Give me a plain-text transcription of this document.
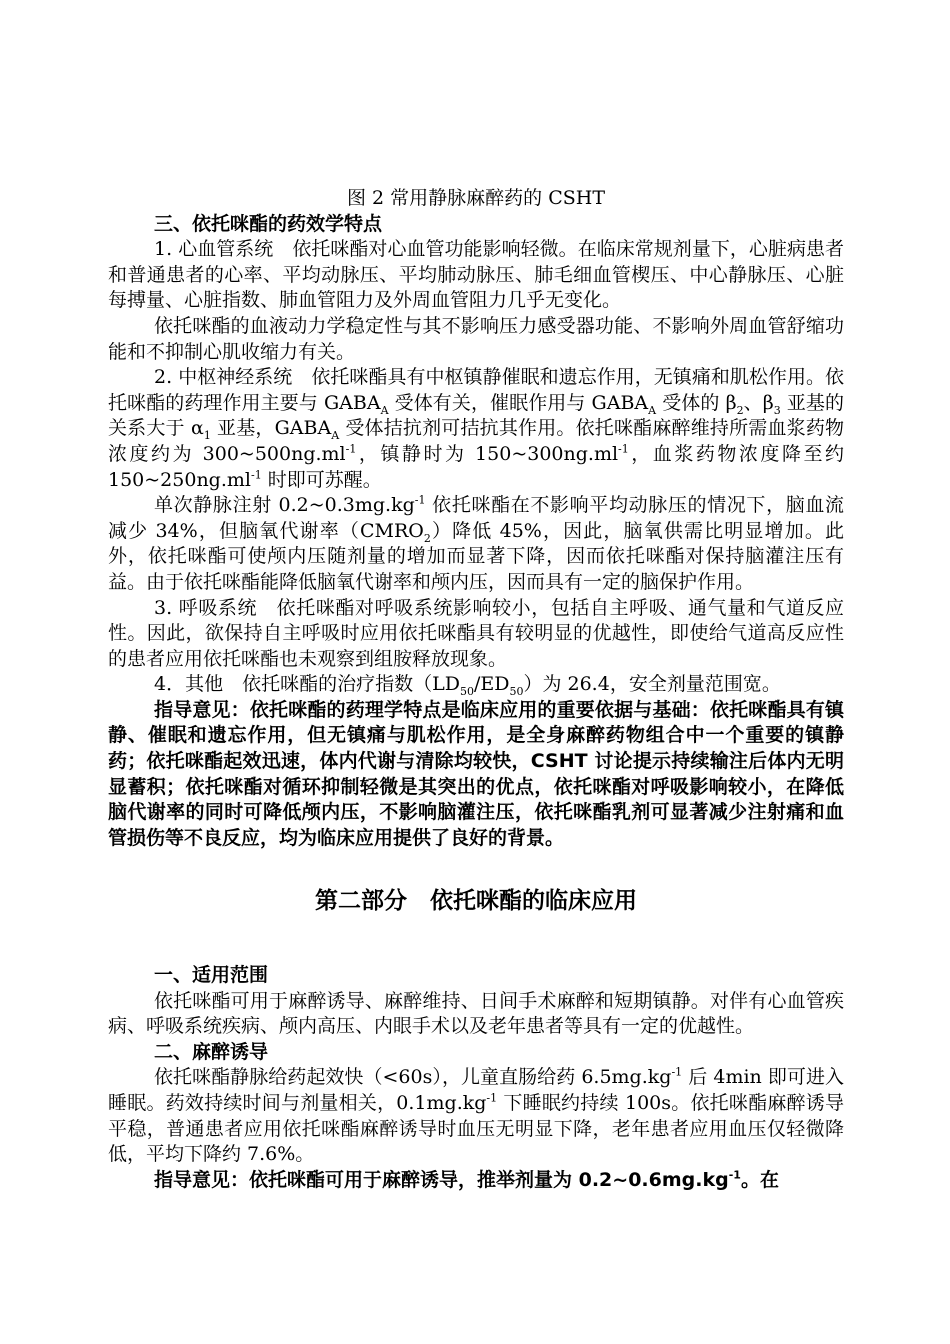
图 2 常用静脉麻醉药的 CSHT

三、依托咪酯的药效学特点

1. 心血管系统　依托咪酯对心血管功能影响轻微。在临床常规剂量下，心脏病患者和普通患者的心率、平均动脉压、平均肺动脉压、肺毛细血管楔压、中心静脉压、心脏每搏量、心脏指数、肺血管阻力及外周血管阻力几乎无变化。

依托咪酯的血液动力学稳定性与其不影响压力感受器功能、不影响外周血管舒缩功能和不抑制心肌收缩力有关。

2. 中枢神经系统　依托咪酯具有中枢镇静催眠和遗忘作用，无镇痛和肌松作用。依托咪酯的药理作用主要与 $GABA_A$ 受体有关，催眠作用与 $GABA_A$ 受体的 $\beta_2$、$\beta_3$ 亚基的关系大于 $\alpha_1$ 亚基，$GABA_A$ 受体拮抗剂可拮抗其作用。依托咪酯麻醉维持所需血浆药物浓度约为 $300\sim 500ng.ml^{-1}$，镇静时为 $150\sim 300ng.ml^{-1}$，血浆药物浓度降至约 $150\sim 250ng.ml^{-1}$ 时即可苏醒。

单次静脉注射 $0.2\sim 0.3mg.kg^{-1}$ 依托咪酯在不影响平均动脉压的情况下，脑血流减少 34%，但脑氧代谢率$(CMRO_2)$降低 45%，因此，脑氧供需比明显增加。此外，依托咪酯可使颅内压随剂量的增加而显著下降，因而依托咪酯对保持脑灌注压有益。由于依托咪酯能降低脑氧代谢率和颅内压，因而具有一定的脑保护作用。

3. 呼吸系统　依托咪酯对呼吸系统影响较小，包括自主呼吸、通气量和气道反应性。因此，欲保持自主呼吸时应用依托咪酯具有较明显的优越性，即使给气道高反应性的患者应用依托咪酯也未观察到组胺释放现象。

4．其他　依托咪酯的治疗指数$(LD_{50}/ED_{50})$为 26.4，安全剂量范围宽。

指导意见：依托咪酯的药理学特点是临床应用的重要依据与基础：依托咪酯具有镇静、催眠和遗忘作用，但无镇痛与肌松作用，是全身麻醉药物组合中一个重要的镇静药；依托咪酯起效迅速，体内代谢与清除均较快，CSHT 讨论提示持续输注后体内无明显蓄积；依托咪酯对循环抑制轻微是其突出的优点，依托咪酯对呼吸影响较小，在降低脑代谢率的同时可降低颅内压，不影响脑灌注压，依托咪酯乳剂可显著减少注射痛和血管损伤等不良反应，均为临床应用提供了良好的背景。

第二部分　依托咪酯的临床应用

一、适用范围

依托咪酯可用于麻醉诱导、麻醉维持、日间手术麻醉和短期镇静。对伴有心血管疾病、呼吸系统疾病、颅内高压、内眼手术以及老年患者等具有一定的优越性。

二、麻醉诱导

依托咪酯静脉给药起效快（<60s），儿童直肠给药 $6.5mg.kg^{-1}$ 后 4min 即可进入睡眠。药效持续时间与剂量相关，$0.1mg.kg^{-1}$ 下睡眠约持续 100s。依托咪酯麻醉诱导平稳，普通患者应用依托咪酯麻醉诱导时血压无明显下降，老年患者应用血压仅轻微降低，平均下降约 7.6%。

指导意见：依托咪酯可用于麻醉诱导，推举剂量为 $0.2\sim 0.6mg.kg^{-1}$。在
